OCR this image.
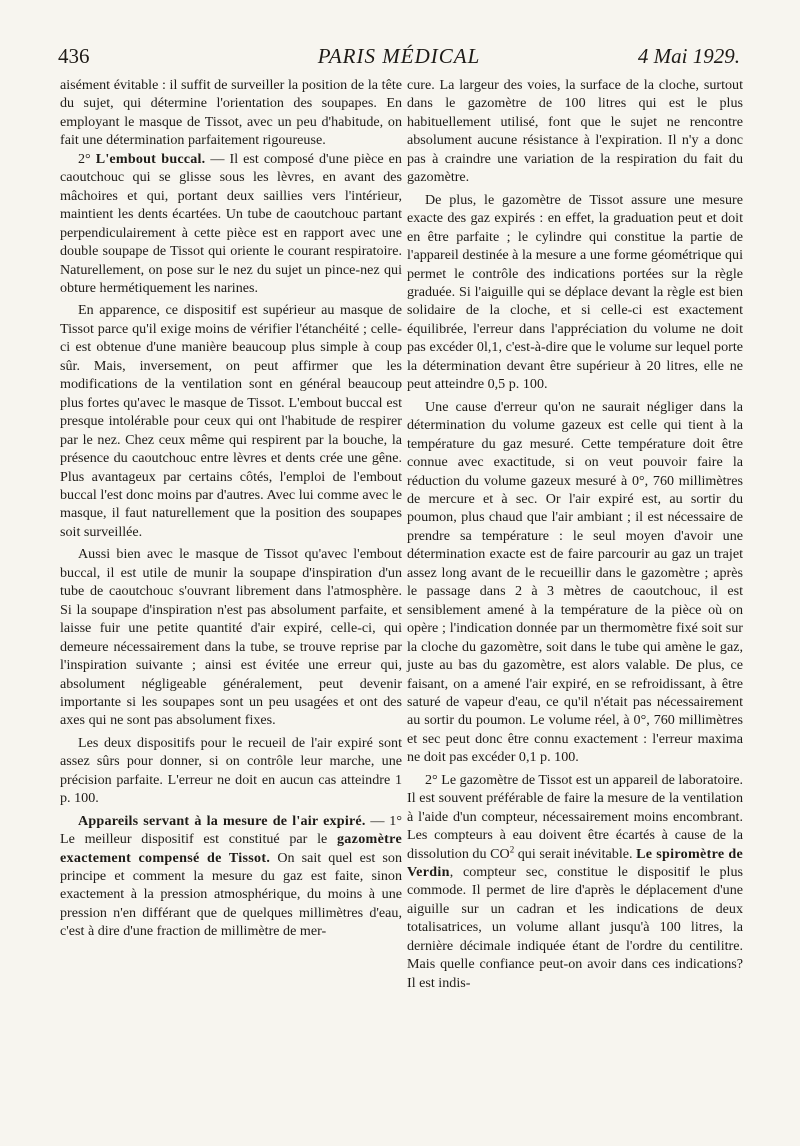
436	PARIS MÉDICAL	4 Mai 1929.

aisément évitable : il suffit de surveiller la position de la tête du sujet, qui détermine l'orientation des soupapes. En employant le masque de Tissot, avec un peu d'habitude, on fait une détermination parfaitement rigoureuse.

2° L'embout buccal. — Il est composé d'une pièce en caoutchouc qui se glisse sous les lèvres, en avant des mâchoires et qui, portant deux saillies vers l'intérieur, maintient les dents écartées. Un tube de caoutchouc partant perpendiculairement à cette pièce est en rapport avec une double soupape de Tissot qui oriente le courant respiratoire. Naturellement, on pose sur le nez du sujet un pince-nez qui obture hermétiquement les narines.

En apparence, ce dispositif est supérieur au masque de Tissot parce qu'il exige moins de vérifier l'étanchéité ; celle-ci est obtenue d'une manière beaucoup plus simple à coup sûr. Mais, inversement, on peut affirmer que les modifications de la ventilation sont en général beaucoup plus fortes qu'avec le masque de Tissot. L'embout buccal est presque intolérable pour ceux qui ont l'habitude de respirer par le nez. Chez ceux même qui respirent par la bouche, la présence du caoutchouc entre lèvres et dents crée une gêne. Plus avantageux par certains côtés, l'emploi de l'embout buccal l'est donc moins par d'autres. Avec lui comme avec le masque, il faut naturellement que la position des soupapes soit surveillée.

Aussi bien avec le masque de Tissot qu'avec l'embout buccal, il est utile de munir la soupape d'inspiration d'un tube de caoutchouc s'ouvrant librement dans l'atmosphère. Si la soupape d'inspiration n'est pas absolument parfaite, et laisse fuir une petite quantité d'air expiré, celle-ci, qui demeure nécessairement dans la tube, se trouve reprise par l'inspiration suivante ; ainsi est évitée une erreur qui, absolument négligeable généralement, peut devenir importante si les soupapes sont un peu usagées et ont des axes qui ne sont pas absolument fixes.

Les deux dispositifs pour le recueil de l'air expiré sont assez sûrs pour donner, si on contrôle leur marche, une précision parfaite. L'erreur ne doit en aucun cas atteindre 1 p. 100.

Appareils servant à la mesure de l'air expiré. — 1° Le meilleur dispositif est constitué par le gazomètre exactement compensé de Tissot. On sait quel est son principe et comment la mesure du gaz est faite, sinon exactement à la pression atmosphérique, du moins à une pression n'en différant que de quelques millimètres d'eau, c'est à dire d'une fraction de millimètre de mer-

cure. La largeur des voies, la surface de la cloche, surtout dans le gazomètre de 100 litres qui est le plus habituellement utilisé, font que le sujet ne rencontre absolument aucune résistance à l'expiration. Il n'y a donc pas à craindre une variation de la respiration du fait du gazomètre.

De plus, le gazomètre de Tissot assure une mesure exacte des gaz expirés : en effet, la graduation peut et doit en être parfaite ; le cylindre qui constitue la partie de l'appareil destinée à la mesure a une forme géométrique qui permet le contrôle des indications portées sur la règle graduée. Si l'aiguille qui se déplace devant la règle est bien solidaire de la cloche, et si celle-ci est exactement équilibrée, l'erreur dans l'appréciation du volume ne doit pas excéder 0l,1, c'est-à-dire que le volume sur lequel porte la détermination devant être supérieur à 20 litres, elle ne peut atteindre 0,5 p. 100.

Une cause d'erreur qu'on ne saurait négliger dans la détermination du volume gazeux est celle qui tient à la température du gaz mesuré. Cette température doit être connue avec exactitude, si on veut pouvoir faire la réduction du volume gazeux mesuré à 0°, 760 millimètres de mercure et à sec. Or l'air expiré est, au sortir du poumon, plus chaud que l'air ambiant ; il est nécessaire de prendre sa température : le seul moyen d'avoir une détermination exacte est de faire parcourir au gaz un trajet assez long avant de le recueillir dans le gazomètre ; après le passage dans 2 à 3 mètres de caoutchouc, il est sensiblement amené à la température de la pièce où on opère ; l'indication donnée par un thermomètre fixé soit sur la cloche du gazomètre, soit dans le tube qui amène le gaz, juste au bas du gazomètre, est alors valable. De plus, ce faisant, on a amené l'air expiré, en se refroidissant, à être saturé de vapeur d'eau, ce qu'il n'était pas nécessairement au sortir du poumon. Le volume réel, à 0°, 760 millimètres et sec peut donc être connu exactement : l'erreur maxima ne doit pas excéder 0,1 p. 100.

2° Le gazomètre de Tissot est un appareil de laboratoire. Il est souvent préférable de faire la mesure de la ventilation à l'aide d'un compteur, nécessairement moins encombrant. Les compteurs à eau doivent être écartés à cause de la dissolution du $CO^2$ qui serait inévitable. Le spiromètre de Verdin, compteur sec, constitue le dispositif le plus commode. Il permet de lire d'après le déplacement d'une aiguille sur un cadran et les indications de deux totalisatrices, un volume allant jusqu'à 100 litres, la dernière décimale indiquée étant de l'ordre du centilitre. Mais quelle confiance peut-on avoir dans ces indications? Il est indis-
